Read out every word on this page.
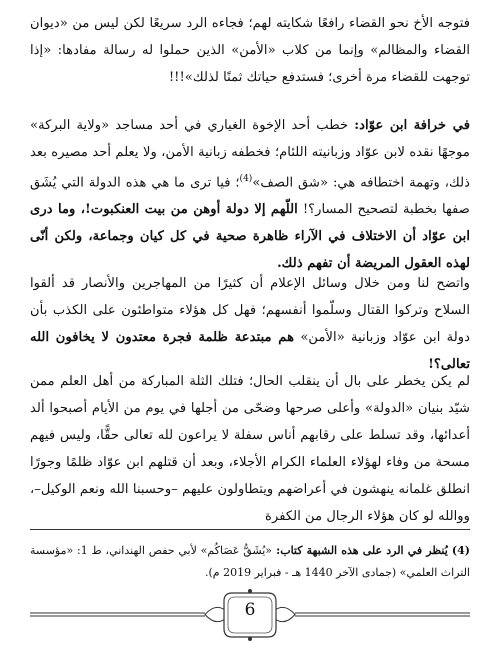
فتوجه الأخ نحو القضاء رافعًا شكايته لهم؛ فجاءه الرد سريعًا لكن ليس من «ديوان القضاء والمظالم» وإنما من كلاب «الأمن» الذين حملوا له رسالة مفادها: «إذا توجهت للقضاء مرة أخرى؛ فستدفع حياتك ثمنًا لذلك»!!!
في خرافة ابن عوّاد: خطب أحد الإخوة الغياري في أحد مساجد «ولاية البركة» موجهًا نقده لابن عوّاد وزبانيته اللئام؛ فخطفه زبانية الأمن، ولا يعلم أحد مصيره بعد ذلك، وتهمة اختطافه هي: «شق الصف»$^{(4)}$؛ فيا ترى ما هي هذه الدولة التي يُشَق صفها بخطبة لتصحيح المسار؟! اللّهم إلا دولة أوهن من بيت العنكبوت!، وما درى ابن عوّاد أن الاختلاف في الآراء ظاهرة صحية في كل كيان وجماعة، ولكن أنّى لهذه العقول المريضة أن تفهم ذلك.
واتضح لنا ومن خلال وسائل الإعلام أن كثيرًا من المهاجرين والأنصار قد ألقوا السلاح وتركوا القتال وسلّموا أنفسهم؛ فهل كل هؤلاء متواطئون على الكذب بأن دولة ابن عوّاد وزبانية «الأمن» هم مبتدعة ظلمة فجرة معتدون لا يخافون الله تعالى؟!
لم يكن يخطر على بال أن ينقلب الحال؛ فتلك الثلة المباركة من أهل العلم ممن شيّد بنيان «الدولة» وأعلى صرحها وضحّى من أجلها في يوم من الأيام أصبحوا ألد أعدائها، وقد تسلط على رقابهم أناس سفلة لا يراعون لله تعالى حقًّا، وليس فيهم مسحة من وفاء لهؤلاء العلماء الكرام الأجلاء، وبعد أن قتلهم ابن عوّاد ظلمًا وجورًا انطلق غلمانه ينهشون في أعراضهم ويتطاولون عليهم –وحسبنا الله ونعم الوكيل–، ووالله لو كان هؤلاء الرجال من الكفرة
(4) يُنظر في الرد على هذه الشبهة كتاب: «يُشَقُّ عَصَاكُم» لأبي حفص الهنداني، ط 1: «مؤسسة التراث العلمي» (جمادى الآخر 1440 هـ - فبراير 2019 م).
6
